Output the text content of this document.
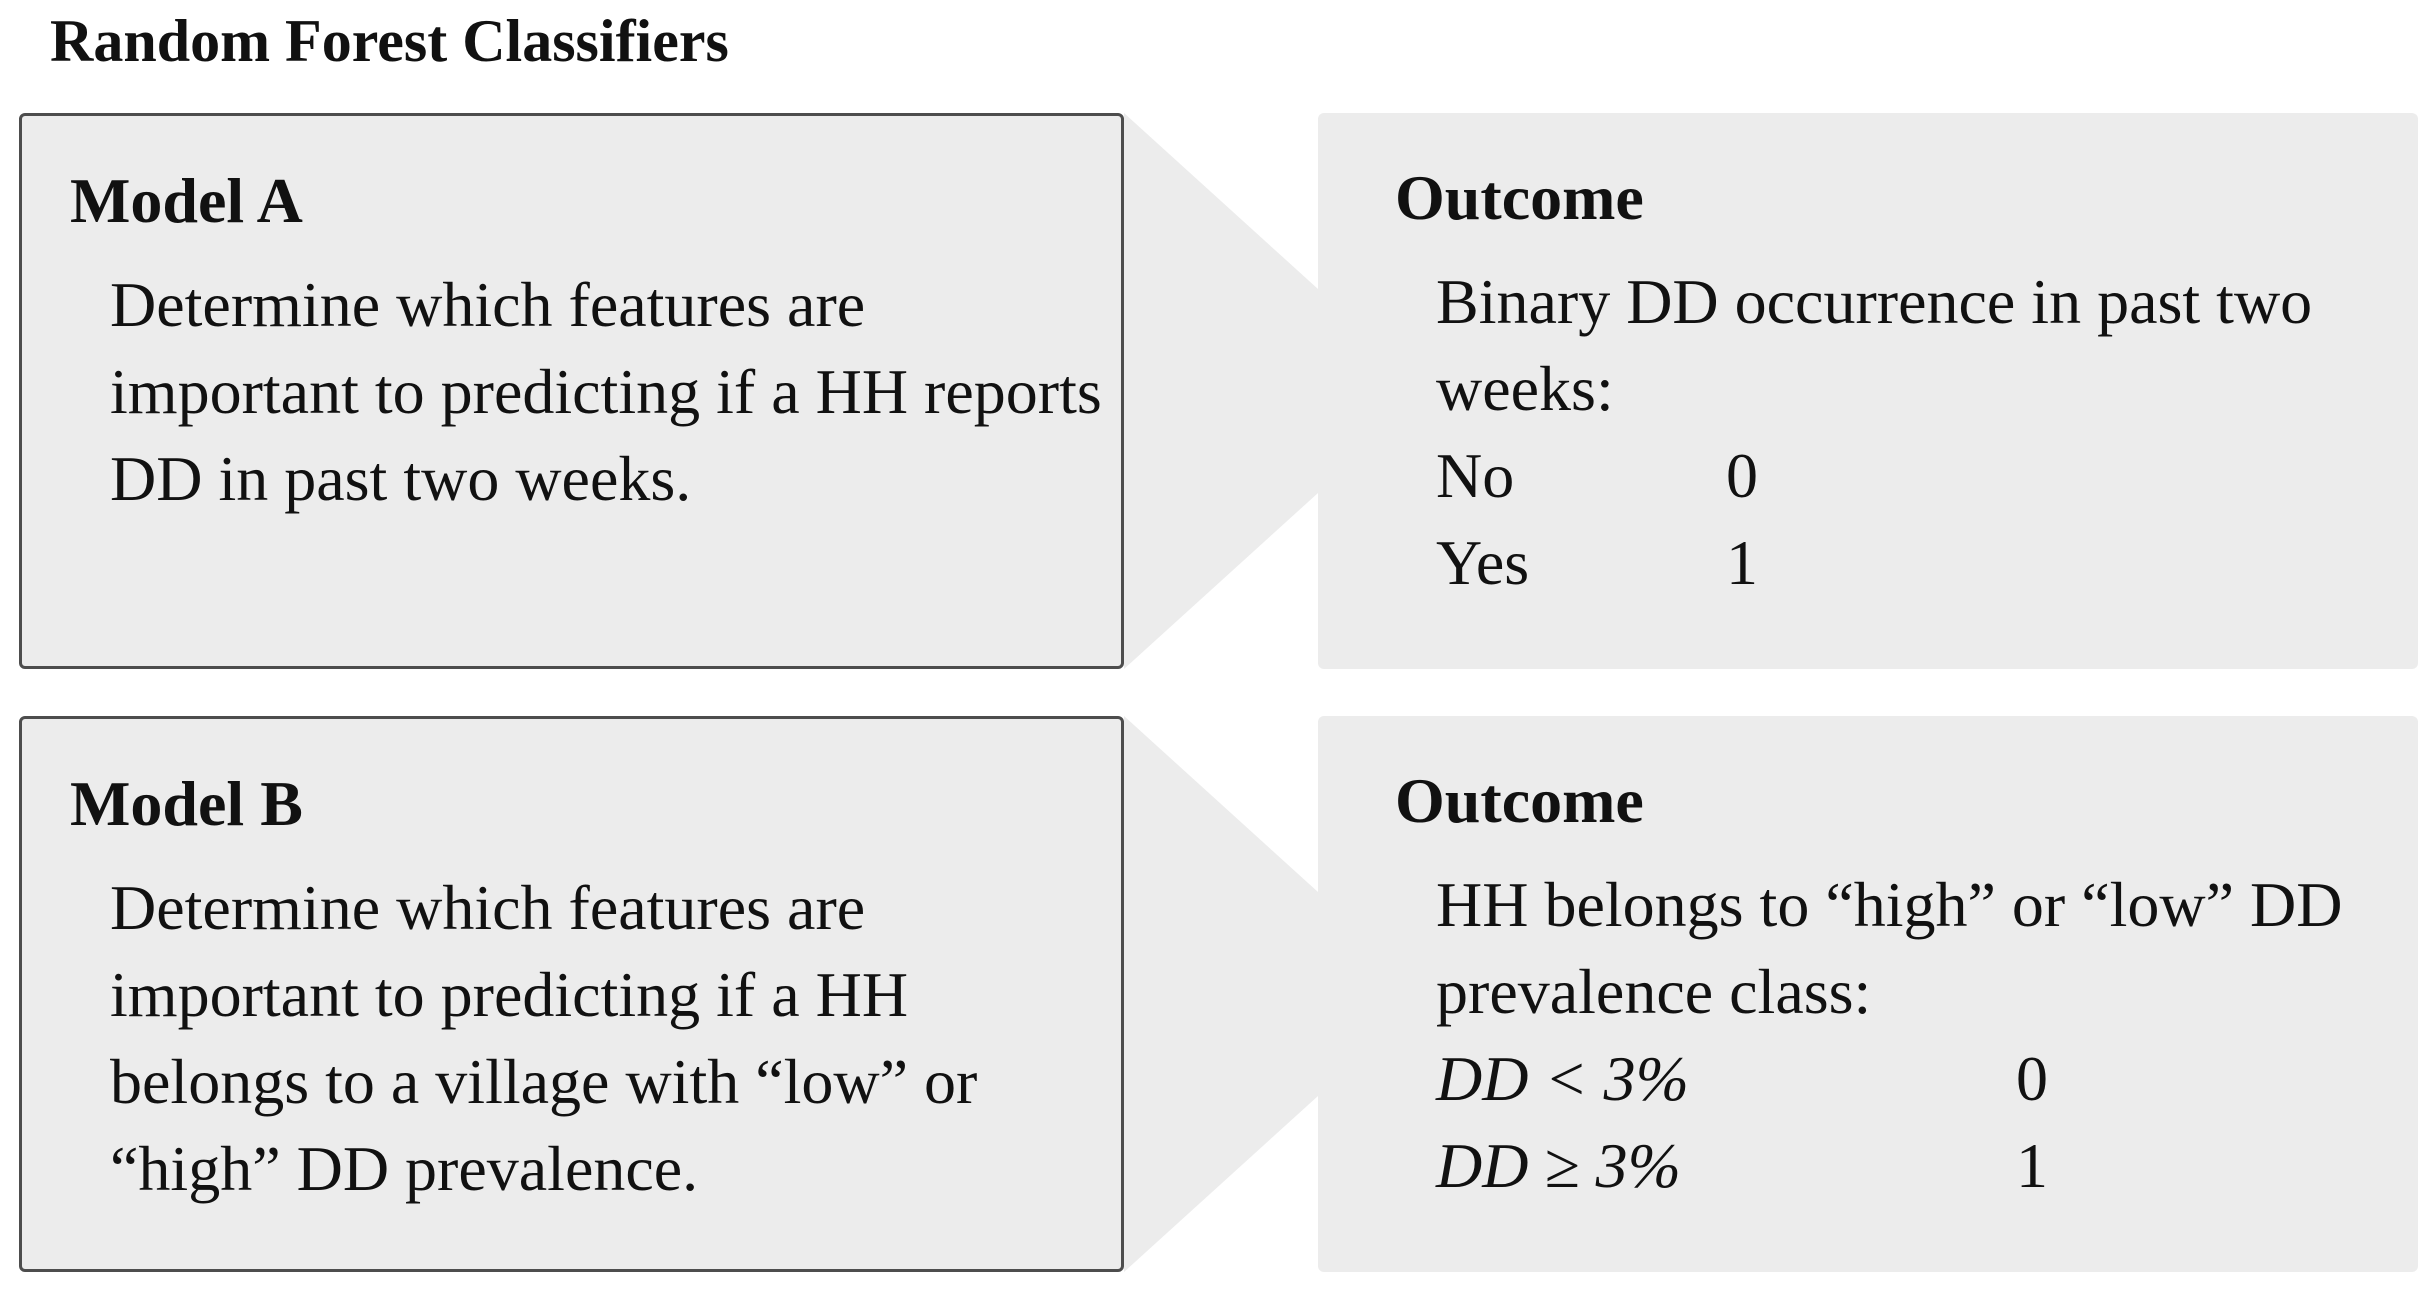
Random Forest Classifiers
Model A

Determine which features are important to predicting if a HH reports DD in past two weeks.

Outcome

Binary DD occurrence in past two weeks:

No	0
Yes	1
Model B

Determine which features are important to predicting if a HH belongs to a village with “low” or “high” DD prevalence.

Outcome

HH belongs to “high” or “low” DD prevalence class:

DD < 3%	0
DD ≥ 3%	1
